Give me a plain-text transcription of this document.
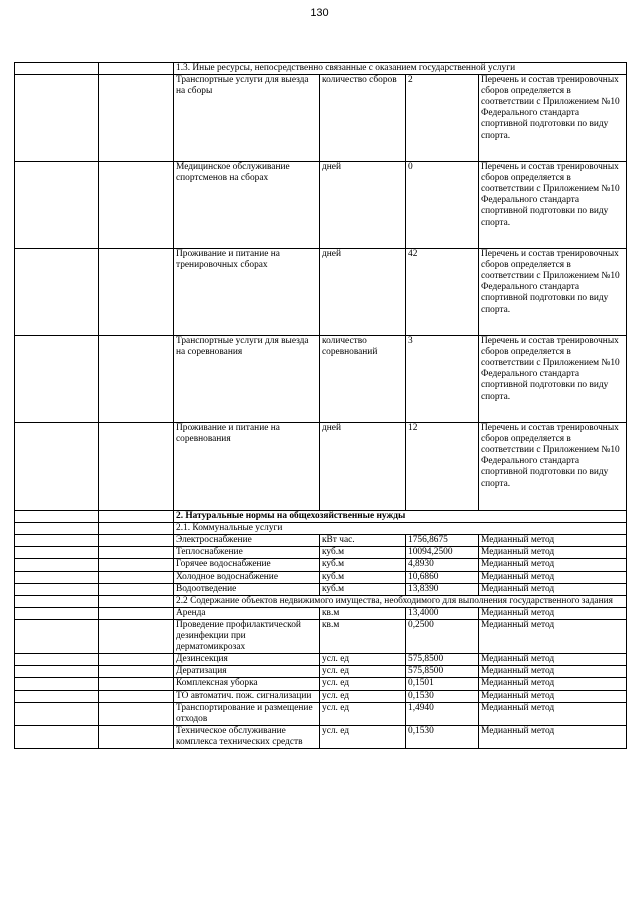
130
		1.3. Иные ресурсы, непосредственно связанные с оказанием государственной услуги			
		Транспортные услуги для выезда на сборы	количество сборов	2	Перечень и состав тренировочных сборов определяется в соответствии с Приложением №10 Федерального стандарта спортивной подготовки по виду спорта.
		Медицинское обслуживание спортсменов на сборах	дней	0	Перечень и состав тренировочных сборов определяется в соответствии с Приложением №10 Федерального стандарта спортивной подготовки по виду спорта.
		Проживание и питание на тренировочных сборах	дней	42	Перечень и состав тренировочных сборов определяется в соответствии с Приложением №10 Федерального стандарта спортивной подготовки по виду спорта.
		Транспортные услуги для выезда на соревнования	количество соревнований	3	Перечень и состав тренировочных сборов определяется в соответствии с Приложением №10 Федерального стандарта спортивной подготовки по виду спорта.
		Проживание и питание на соревнования	дней	12	Перечень и состав тренировочных сборов определяется в соответствии с Приложением №10 Федерального стандарта спортивной подготовки по виду спорта.
		2. Натуральные нормы на общехозяйственные нужды			
		2.1. Коммунальные услуги			
		Электроснабжение	кВт час.	1756,8675	Медианный метод
		Теплоснабжение	куб.м	10094,2500	Медианный метод
		Горячее водоснабжение	куб.м	4,8930	Медианный метод
		Холодное водоснабжение	куб.м	10,6860	Медианный метод
		Водоотведение	куб.м	13,8390	Медианный метод
		2.2 Содержание объектов недвижимого имущества, необходимого для выполнения государственного задания			
		Аренда	кв.м	13,4000	Медианный метод
		Проведение профилактической дезинфекции при дерматомикрозах	кв.м	0,2500	Медианный метод
		Дезинсекция	усл. ед	575,8500	Медианный метод
		Дератизация	усл. ед	575,8500	Медианный метод
		Комплексная уборка	усл. ед	0,1501	Медианный метод
		ТО автоматич. пож. сигнализации	усл. ед	0,1530	Медианный метод
		Транспортирование и размещение отходов	усл. ед	1,4940	Медианный метод
		Техническое обслуживание комплекса технических средств	усл. ед	0,1530	Медианный метод
